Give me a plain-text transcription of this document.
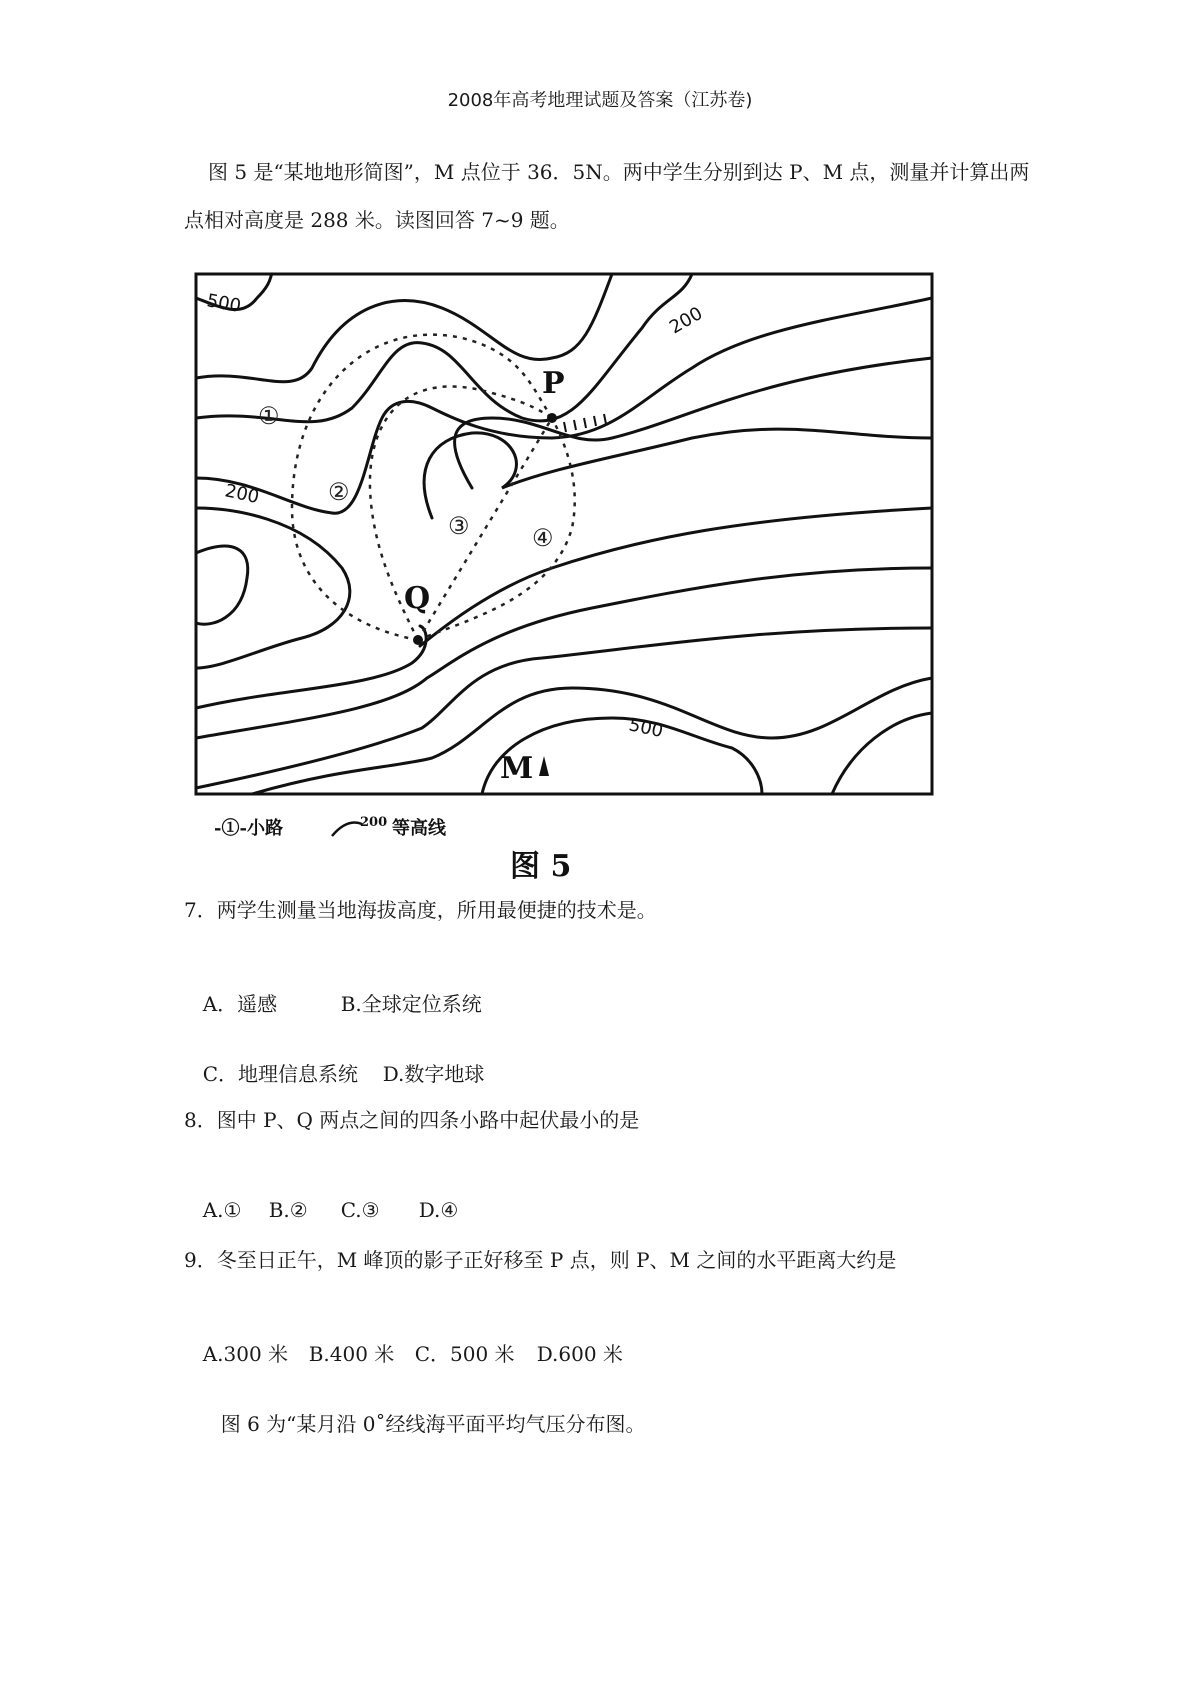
2008年高考地理试题及答案（江苏卷)
图 5 是“某地地形简图”，M 点位于 36．5N。两中学生分别到达 P、M 点，测量并计算出两点相对高度是 288 米。读图回答 7~9 题。
P
Q
M
①
②
③	④
500	200
200
500
-①-小路	200 等高线
图 5
7．两学生测量当地海拔高度，所用最便捷的技术是。

A．遥感	B.全球定位系统

C．地理信息系统 D.数字地球

8．图中 P、Q 两点之间的四条小路中起伏最小的是

A.① B.② C.③ D.④

9．冬至日正午，M 峰顶的影子正好移至 P 点，则 P、M 之间的水平距离大约是

A.300 米 B.400 米 C．500 米 D.600 米

图 6 为“某月沿 0˚经线海平面平均气压分布图。
